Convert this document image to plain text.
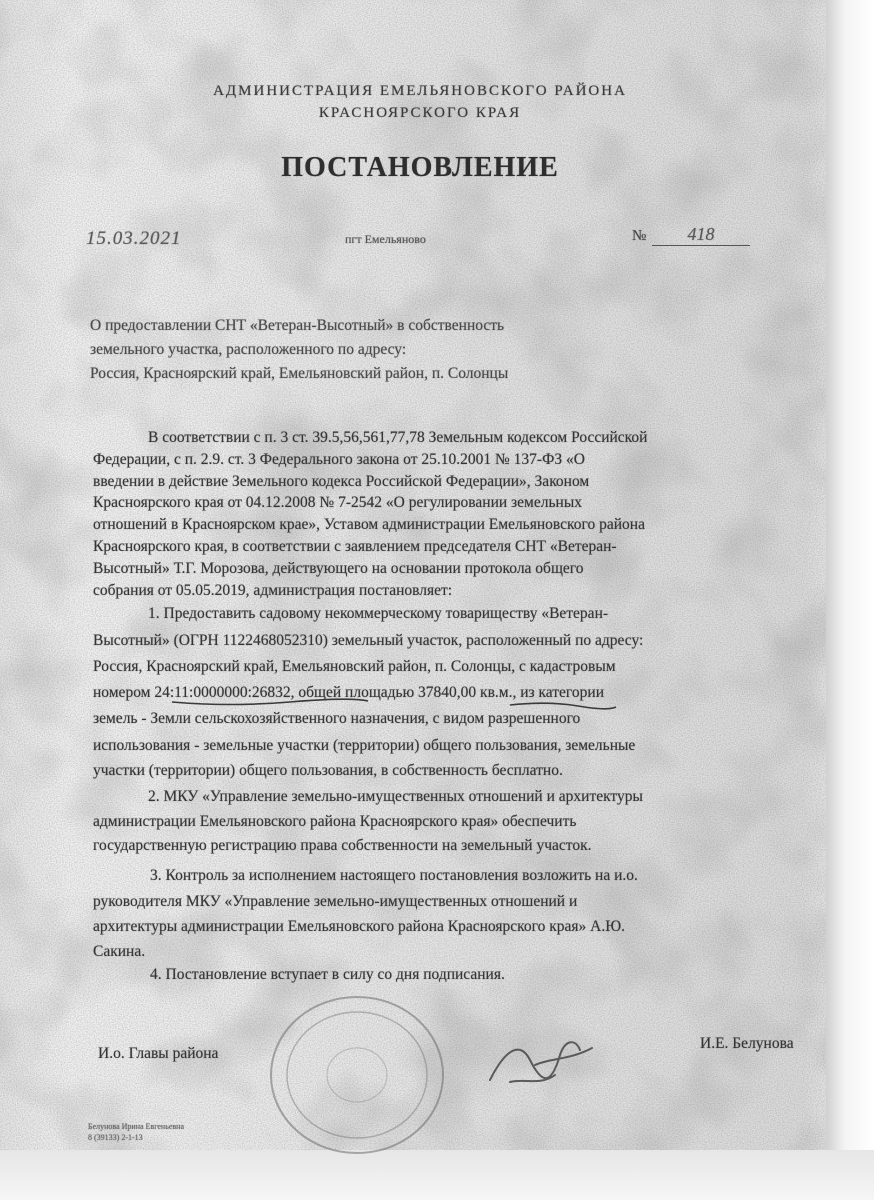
АДМИНИСТРАЦИЯ ЕМЕЛЬЯНОВСКОГО РАЙОНА

КРАСНОЯРСКОГО КРАЯ

ПОСТАНОВЛЕНИЕ
15.03.2021	пгт Емельяново	№	418
О предоставлении СНТ «Ветеран-Высотный» в собственность
земельного участка, расположенного по адресу:
Россия, Красноярский край, Емельяновский район, п. Солонцы
В соответствии с п. 3 ст. 39.5,56,561,77,78 Земельным кодексом Российской
Федерации, с п. 2.9. ст. 3 Федерального закона от 25.10.2001 № 137-ФЗ «О
введении в действие Земельного кодекса Российской Федерации», Законом
Красноярского края от 04.12.2008 № 7-2542 «О регулировании земельных
отношений в Красноярском крае», Уставом администрации Емельяновского района
Красноярского края, в соответствии с заявлением председателя СНТ «Ветеран-
Высотный» Т.Г. Морозова, действующего на основании протокола общего
собрания от 05.05.2019, администрация постановляет:
1. Предоставить садовому некоммерческому товариществу «Ветеран-
Высотный» (ОГРН 1122468052310) земельный участок, расположенный по адресу:
Россия, Красноярский край, Емельяновский район, п. Солонцы, с кадастровым
номером 24:11:0000000:26832, общей площадью 37840,00 кв.м., из категории
земель - Земли сельскохозяйственного назначения, с видом разрешенного
использования - земельные участки (территории) общего пользования, земельные
участки (территории) общего пользования, в собственность бесплатно.
2. МКУ «Управление земельно-имущественных отношений и архитектуры
администрации Емельяновского района Красноярского края» обеспечить
государственную регистрацию права собственности на земельный участок.
3. Контроль за исполнением настоящего постановления возложить на и.о.
руководителя МКУ «Управление земельно-имущественных отношений и
архитектуры администрации Емельяновского района Красноярского края» А.Ю.
Сакина.
4. Постановление вступает в силу со дня подписания.
И.о. Главы района
И.Е. Белунова
Белунова Ирина Евгеньевна
8 (39133) 2-1-13
